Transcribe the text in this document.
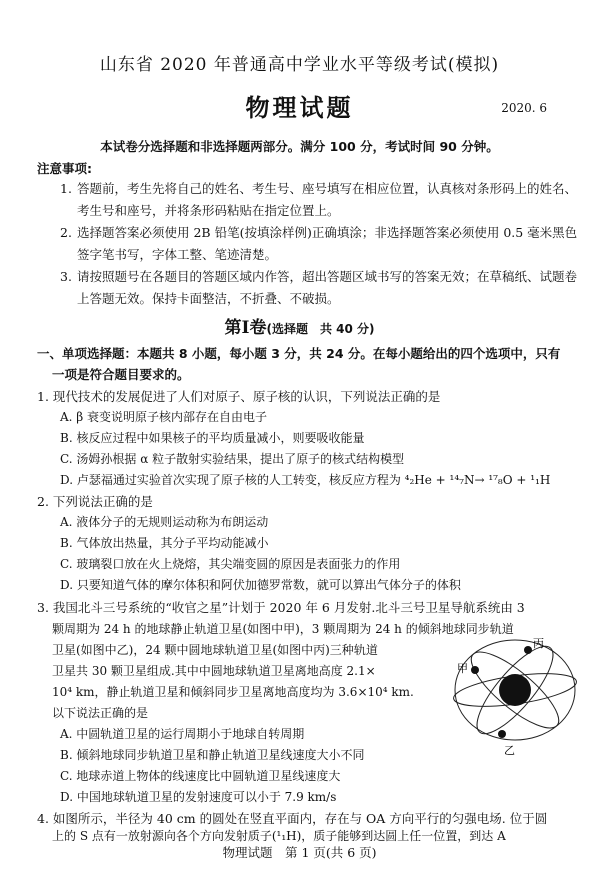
山东省 2020 年普通高中学业水平等级考试(模拟)
物理试题	2020. 6
本试卷分选择题和非选择题两部分。满分 100 分，考试时间 90 分钟。
注意事项:
1. 答题前，考生先将自己的姓名、考生号、座号填写在相应位置，认真核对条形码上的姓名、考生号和座号，并将条形码粘贴在指定位置上。
2. 选择题答案必须使用 2B 铅笔(按填涂样例)正确填涂；非选择题答案必须使用 0.5 毫米黑色签字笔书写，字体工整、笔迹清楚。
3. 请按照题号在各题目的答题区域内作答，超出答题区域书写的答案无效；在草稿纸、试题卷上答题无效。保持卡面整洁，不折叠、不破损。
第Ⅰ卷(选择题　共 40 分)
一、单项选择题：本题共 8 小题，每小题 3 分，共 24 分。在每小题给出的四个选项中，只有
一项是符合题目要求的。
1. 现代技术的发展促进了人们对原子、原子核的认识，下列说法正确的是
A. β 衰变说明原子核内部存在自由电子
B. 核反应过程中如果核子的平均质量减小，则要吸收能量
C. 汤姆孙根据 α 粒子散射实验结果，提出了原子的核式结构模型
D. 卢瑟福通过实验首次实现了原子核的人工转变，核反应方程为 ⁴₂He + ¹⁴₇N→ ¹⁷₈O + ¹₁H
2. 下列说法正确的是
A. 液体分子的无规则运动称为布朗运动
B. 气体放出热量，其分子平均动能减小
C. 玻璃裂口放在火上烧熔，其尖端变圆的原因是表面张力的作用
D. 只要知道气体的摩尔体积和阿伏加德罗常数，就可以算出气体分子的体积
3. 我国北斗三号系统的“收官之星”计划于 2020 年 6 月发射.北斗三号卫星导航系统由 3
颗周期为 24 h 的地球静止轨道卫星(如图中甲)，3 颗周期为 24 h 的倾斜地球同步轨道
卫星(如图中乙)，24 颗中圆地球轨道卫星(如图中丙)三种轨道
卫星共 30 颗卫星组成.其中中圆地球轨道卫星离地高度 2.1×
10⁴ km，静止轨道卫星和倾斜同步卫星离地高度均为 3.6×10⁴ km.
以下说法正确的是
A. 中圆轨道卫星的运行周期小于地球自转周期
B. 倾斜地球同步轨道卫星和静止轨道卫星线速度大小不同
C. 地球赤道上物体的线速度比中圆轨道卫星线速度大
D. 中国地球轨道卫星的发射速度可以小于 7.9 km/s
甲
丙
乙
4. 如图所示，半径为 40 cm 的圆处在竖直平面内，存在与 OA 方向平行的匀强电场. 位于圆
上的 S 点有一放射源向各个方向发射质子(¹₁H)，质子能够到达圆上任一位置，到达 A
物理试题　第 1 页(共 6 页)
